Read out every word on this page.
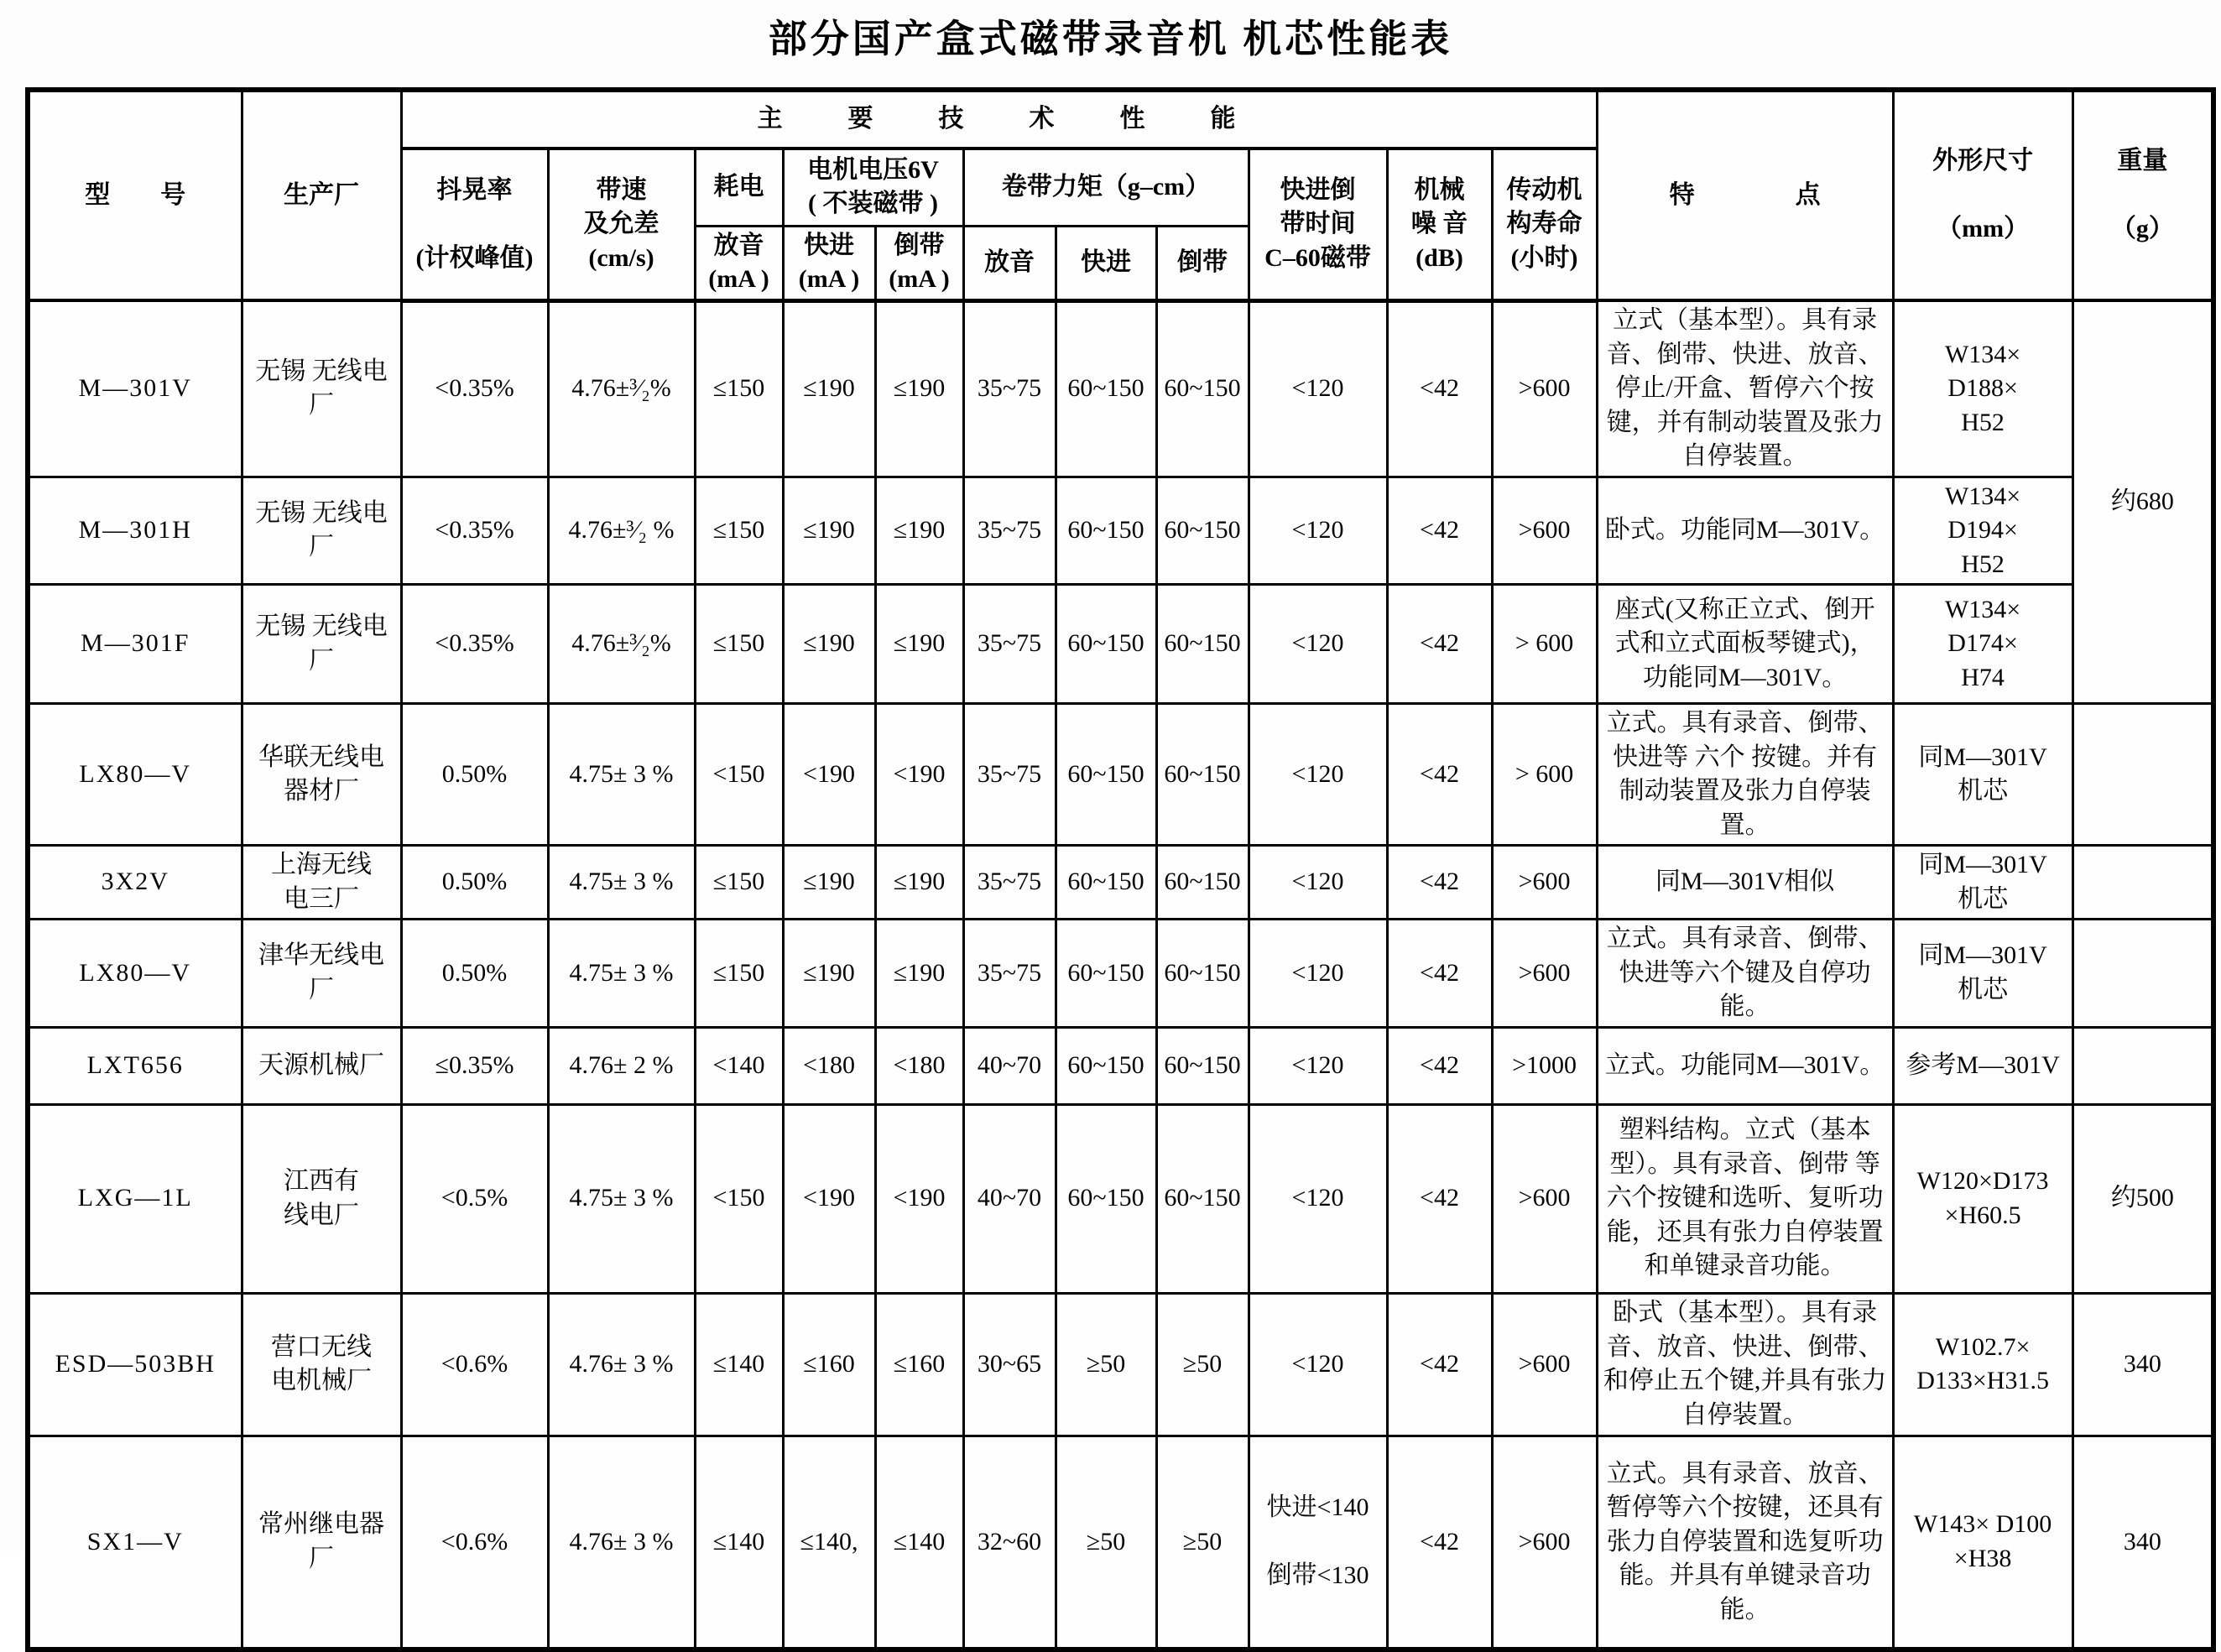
部分国产盒式磁带录音机 机芯性能表
型　　号	生产厂	主　　要　　技　　术　　性　　能											特　　　　点	外形尺寸

（mm）	重量

（g）
		抖晃率

(计权峰值)	带速
及允差
(cm/s)	耗电	电机电压6V
( 不装磁带 )		卷带力矩（g–cm）			快进倒
带时间
C–60磁带	机械
噪 音
(dB)	传动机
构寿命
(小时)			
				放音
(mA )	快进
(mA )	倒带
(mA )	放音	快进	倒带						
M—301V	无锡 无线电厂	<0.35%	4.76±³⁄₂%	≤150	≤190	≤190	35~75	60~150	60~150	<120	<42	>600	立式（基本型）。具有录音、倒带、快进、放音、停止/开盒、暂停六个按键，并有制动装置及张力自停装置。	W134×
D188×
H52	约680
M—301H	无锡 无线电厂	<0.35%	4.76±³⁄₂ %	≤150	≤190	≤190	35~75	60~150	60~150	<120	<42	>600	卧式。功能同M—301V。	W134×
D194×
H52	
M—301F	无锡 无线电厂	<0.35%	4.76±³⁄₂%	≤150	≤190	≤190	35~75	60~150	60~150	<120	<42	> 600	座式(又称正立式、倒开式和立式面板琴键式)， 功能同M—301V。	W134×
D174×
H74	
LX80—V	华联无线电
器材厂	0.50%	4.75± 3 %	<150	<190	<190	35~75	60~150	60~150	<120	<42	> 600	立式。具有录音、倒带、快进等 六个 按键。并有制动装置及张力自停装置。	同M—301V
机芯	
3X2V	上海无线
电三厂	0.50%	4.75± 3 %	≤150	≤190	≤190	35~75	60~150	60~150	<120	<42	>600	同M—301V相似	同M—301V
机芯	
LX80—V	津华无线电厂	0.50%	4.75± 3 %	≤150	≤190	≤190	35~75	60~150	60~150	<120	<42	>600	立式。具有录音、倒带、快进等六个键及自停功能。	同M—301V
机芯	
LXT656	天源机械厂	≤0.35%	4.76± 2 %	<140	<180	<180	40~70	60~150	60~150	<120	<42	>1000	立式。功能同M—301V。	参考M—301V	
LXG—1L	江西有
线电厂	<0.5%	4.75± 3 %	<150	<190	<190	40~70	60~150	60~150	<120	<42	>600	塑料结构。立式（基本型）。具有录音、倒带 等六个按键和选听、复听功能，还具有张力自停装置和单键录音功能。	W120×D173
×H60.5	约500
ESD—503BH	营口无线
电机械厂	<0.6%	4.76± 3 %	≤140	≤160	≤160	30~65	≥50	≥50	<120	<42	>600	卧式（基本型）。具有录音、放音、快进、倒带、和停止五个键,并具有张力自停装置。	W102.7×
D133×H31.5	340
SX1—V	常州继电器厂	<0.6%	4.76± 3 %	≤140	≤140,	≤140	32~60	≥50	≥50	快进<140

倒带<130	<42	>600	立式。具有录音、放音、暂停等六个按键，还具有张力自停装置和选复听功能。并具有单键录音功能。	W143× D100
×H38	340
